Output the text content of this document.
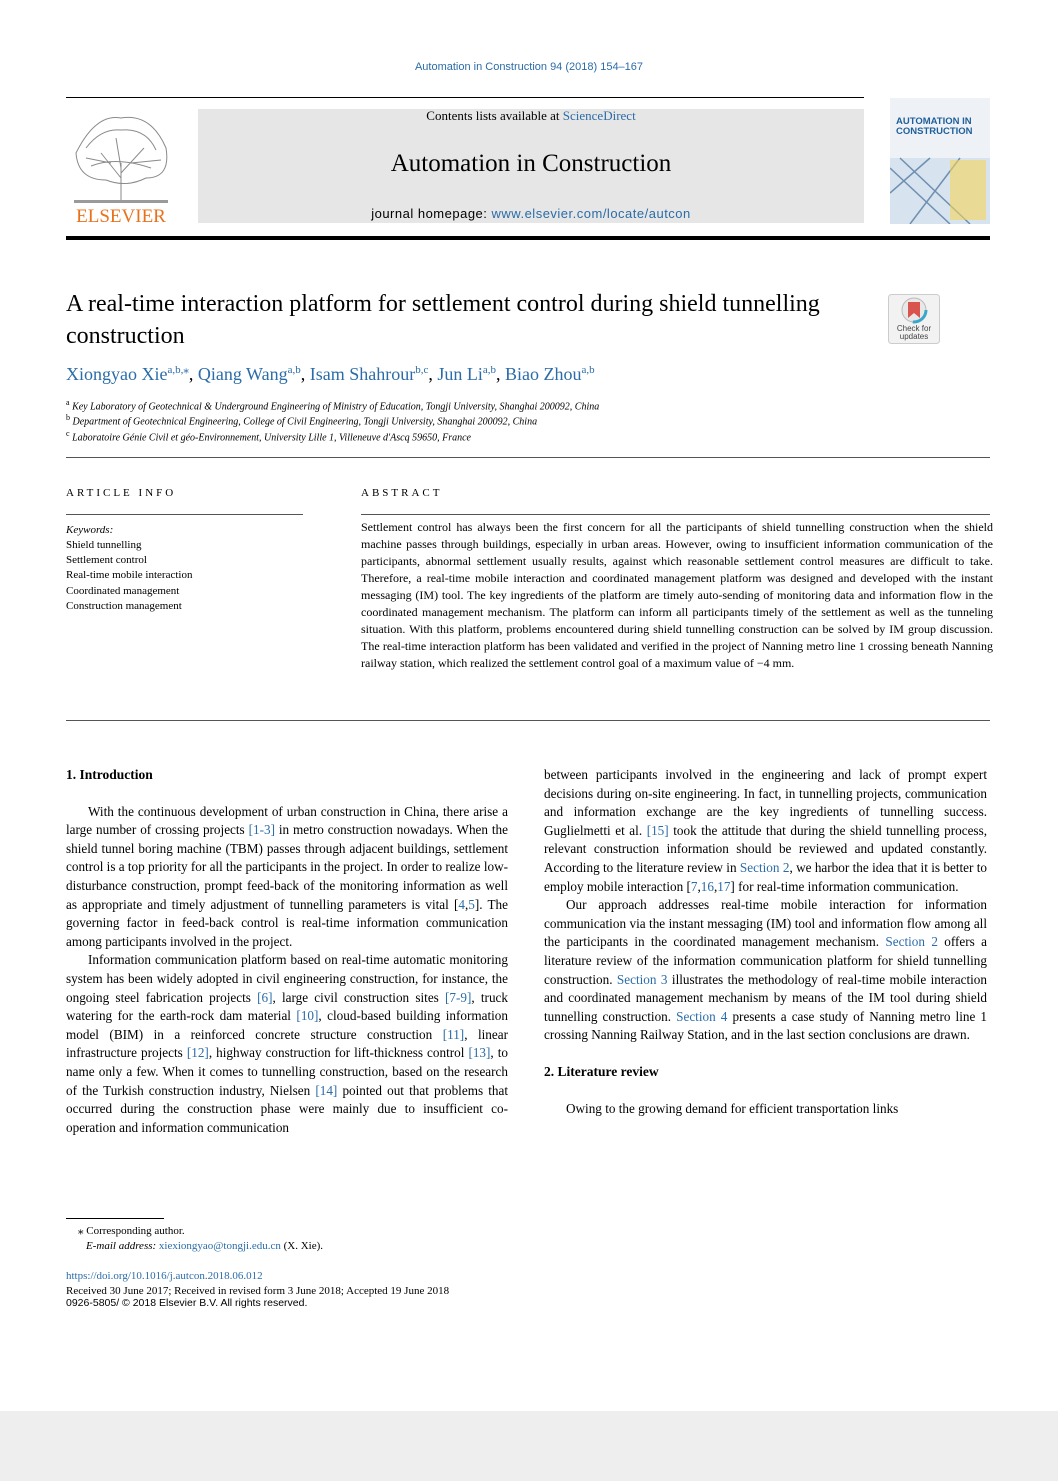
Automation in Construction 94 (2018) 154–167
ELSEVIER
Contents lists available at ScienceDirect
Automation in Construction
journal homepage: www.elsevier.com/locate/autcon
AUTOMATION IN
CONSTRUCTION
A real-time interaction platform for settlement control during shield tunnelling construction	Check for updates
Xiongyao Xie$^{a,b,⁎}$, Qiang Wang$^{a,b}$, Isam Shahrour$^{b,c}$, Jun Li$^{a,b}$, Biao Zhou$^{a,b}$
$^a$ Key Laboratory of Geotechnical & Underground Engineering of Ministry of Education, Tongji University, Shanghai 200092, China
$^b$ Department of Geotechnical Engineering, College of Civil Engineering, Tongji University, Shanghai 200092, China
$^c$ Laboratoire Génie Civil et géo-Environnement, University Lille 1, Villeneuve d'Ascq 59650, France
ARTICLE INFO
Keywords:
Shield tunnelling
Settlement control
Real-time mobile interaction
Coordinated management
Construction management
ABSTRACT
Settlement control has always been the first concern for all the participants of shield tunnelling construction when the shield machine passes through buildings, especially in urban areas. However, owing to insufficient information communication of the participants, abnormal settlement usually results, against which reasonable settlement control measures are difficult to take. Therefore, a real-time mobile interaction and coordinated management platform was designed and developed with the instant messaging (IM) tool. The key ingredients of the platform are timely auto-sending of monitoring data and information flow in the coordinated management mechanism. The platform can inform all participants timely of the settlement as well as the tunneling situation. With this platform, problems encountered during shield tunnelling construction can be solved by IM group discussion. The real-time interaction platform has been validated and verified in the project of Nanning metro line 1 crossing beneath Nanning railway station, which realized the settlement control goal of a maximum value of −4 mm.
1. Introduction

With the continuous development of urban construction in China, there arise a large number of crossing projects [1-3] in metro construction nowadays. When the shield tunnel boring machine (TBM) passes through adjacent buildings, settlement control is a top priority for all the participants in the project. In order to realize low-disturbance construction, prompt feed-back of the monitoring information as well as appropriate and timely adjustment of tunnelling parameters is vital [4,5]. The governing factor in feed-back control is real-time information communication among participants involved in the project.

Information communication platform based on real-time automatic monitoring system has been widely adopted in civil engineering construction, for instance, the ongoing steel fabrication projects [6], large civil construction sites [7-9], truck watering for the earth-rock dam material [10], cloud-based building information model (BIM) in a reinforced concrete structure construction [11], linear infrastructure projects [12], highway construction for lift-thickness control [13], to name only a few. When it comes to tunnelling construction, based on the research of the Turkish construction industry, Nielsen [14] pointed out that problems that occurred during the construction phase were mainly due to insufficient co-operation and information communication

between participants involved in the engineering and lack of prompt expert decisions during on-site engineering. In fact, in tunnelling projects, communication and information exchange are the key ingredients of tunnelling success. Guglielmetti et al. [15] took the attitude that during the shield tunnelling process, relevant construction information should be reviewed and updated constantly. According to the literature review in Section 2, we harbor the idea that it is better to employ mobile interaction [7,16,17] for real-time information communication.

Our approach addresses real-time mobile interaction for information communication via the instant messaging (IM) tool and information flow among all the participants in the coordinated management mechanism. Section 2 offers a literature review of the information communication platform for shield tunnelling construction. Section 3 illustrates the methodology of real-time mobile interaction and coordinated management mechanism by means of the IM tool during shield tunnelling construction. Section 4 presents a case study of Nanning metro line 1 crossing Nanning Railway Station, and in the last section conclusions are drawn.

2. Literature review

Owing to the growing demand for efficient transportation links

⁎ Corresponding author.
E-mail address: xiexiongyao@tongji.edu.cn (X. Xie).
https://doi.org/10.1016/j.autcon.2018.06.012
Received 30 June 2017; Received in revised form 3 June 2018; Accepted 19 June 2018
0926-5805/ © 2018 Elsevier B.V. All rights reserved.
